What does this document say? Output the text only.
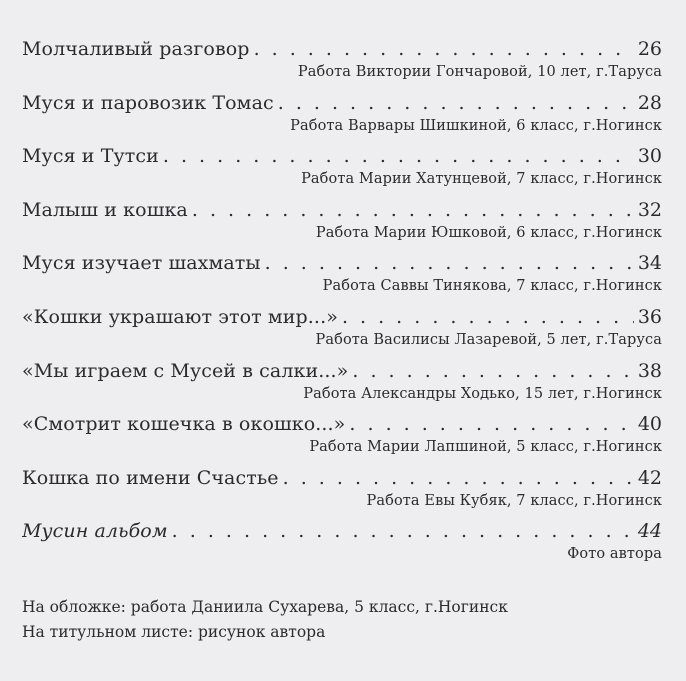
Молчаливый разговор . . .	26
Работа Виктории Гончаровой, 10 лет, г.Таруса
Муся и паровозик Томас . . .	28
Работа Варвары Шишкиной, 6 класс, г.Ногинск
Муся и Тутси . . .	30
Работа Марии Хатунцевой, 7 класс, г.Ногинск
Малыш и кошка . . .	32
Работа Марии Юшковой, 6 класс, г.Ногинск
Муся изучает шахматы . . .	34
Работа Саввы Тинякова, 7 класс, г.Ногинск
«Кошки украшают этот мир...» . . .	36
Работа Василисы Лазаревой, 5 лет, г.Таруса
«Мы играем с Мусей в салки...» . . .	38
Работа Александры Ходько, 15 лет, г.Ногинск
«Смотрит кошечка в окошко...» . . .	40
Работа Марии Лапшиной, 5 класс, г.Ногинск
Кошка по имени Счастье . . .	42
Работа Евы Кубяк, 7 класс, г.Ногинск
Мусин альбом . . .	44
Фото автора
На обложке: работа Даниила Сухарева, 5 класс, г.Ногинск
На титульном листе: рисунок автора
